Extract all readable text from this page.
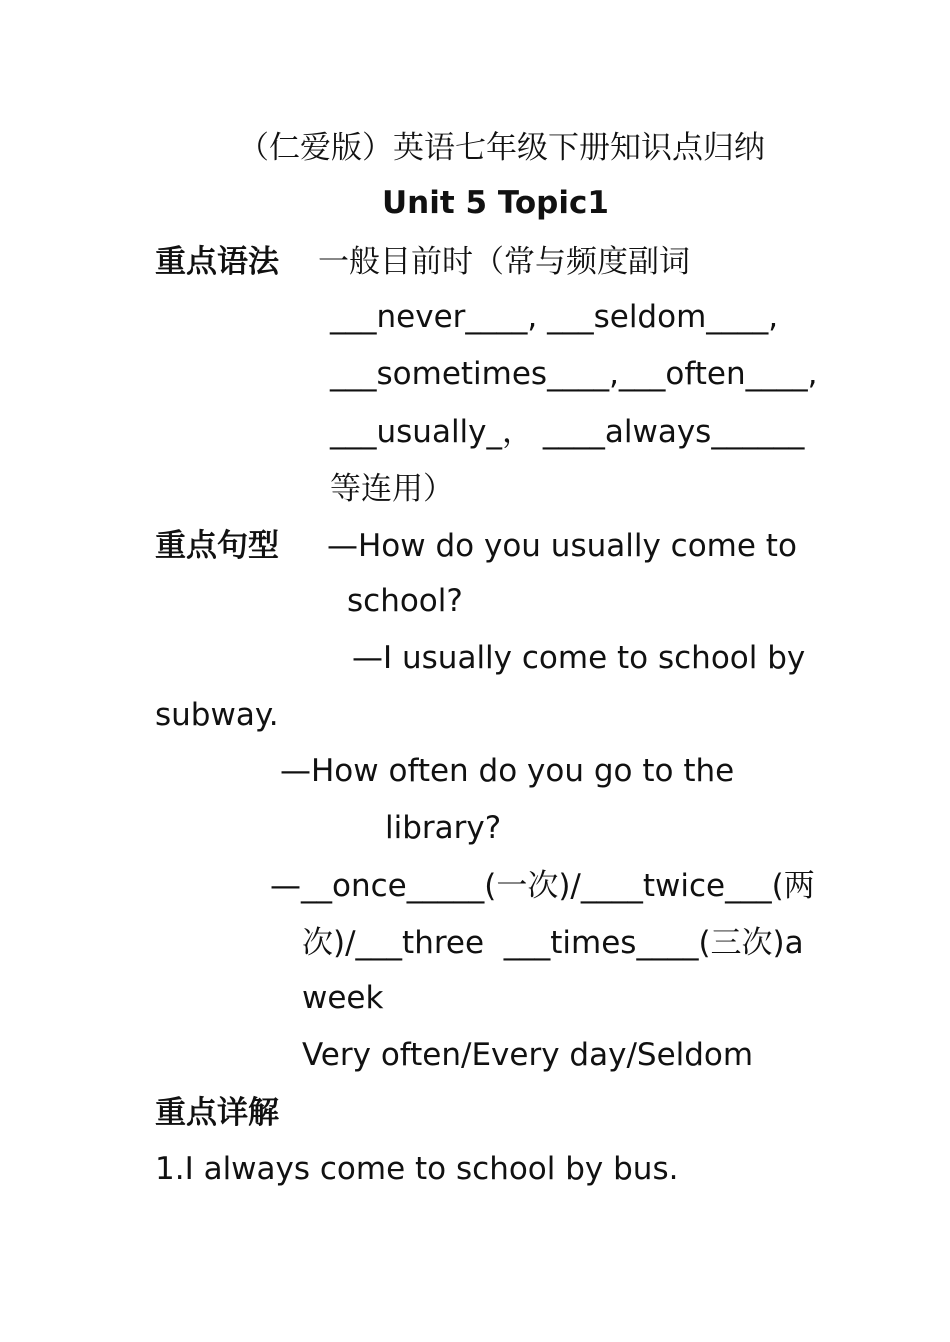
（仁爱版）英语七年级下册知识点归纳
Unit 5 Topic1
重点语法 一般目前时（常与频度副词
___never____, ___seldom____,
___sometimes____,___often____,
___usually_， ____always______
等连用）
重点句型 —How do you usually come to
school?
—I usually come to school by
subway.
—How often do you go to the
library?
—__once_____(一次)/____twice___(两
次)/___three  ___times____(三次)a
week
Very often/Every day/Seldom
重点详解
1.I always come to school by bus.
